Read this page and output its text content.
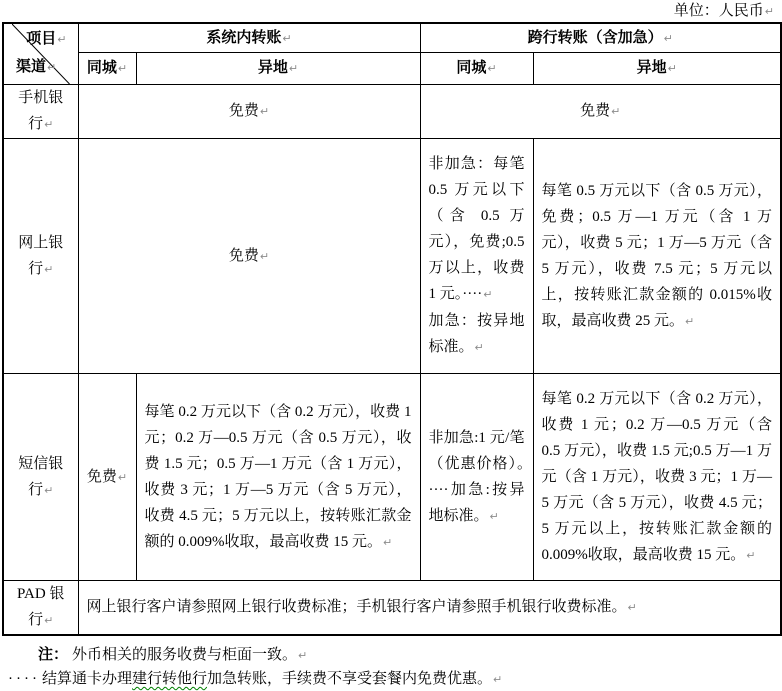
单位：人民币↵
项目↵
渠道↵	系统内转账↵		跨行转账（含加急）↵	
	同城↵	异地↵	同城↵	异地↵
手机银行↵	免费↵		免费↵	
网上银行↵	免费↵		非加急：每笔 0.5 万元以下（含 0.5 万元），免费;0.5 万以上，收费 1 元。····↵
加急：按异地标准。↵	每笔 0.5 万元以下（含 0.5 万元），免费；0.5 万—1 万元（含 1 万元），收费 5 元；1 万—5 万元（含 5 万元），收费 7.5 元；5 万元以上，按转账汇款金额的 0.015%收取，最高收费 25 元。↵
短信银行↵	免费↵	每笔 0.2 万元以下（含 0.2 万元），收费 1 元；0.2 万—0.5 万元（含 0.5 万元），收费 1.5 元；0.5 万—1 万元（含 1 万元），收费 3 元；1 万—5 万元（含 5 万元），收费 4.5 元；5 万元以上，按转账汇款金额的 0.009%收取，最高收费 15 元。↵	非加急:1 元/笔（优惠价格）。····加急:按异地标准。↵	每笔 0.2 万元以下（含 0.2 万元），收费 1 元；0.2 万—0.5 万元（含 0.5 万元），收费 1.5 元;0.5 万—1 万元（含 1 万元），收费 3 元；1 万—5 万元（含 5 万元），收费 4.5 元；5 万元以上，按转账汇款金额的 0.009%收取，最高收费 15 元。↵
PAD 银行↵	网上银行客户请参照网上银行收费标准；手机银行客户请参照手机银行收费标准。↵			
注： 外币相关的服务收费与柜面一致。↵
···· 结算通卡办理建行转他行加急转账，手续费不享受套餐内免费优惠。↵
